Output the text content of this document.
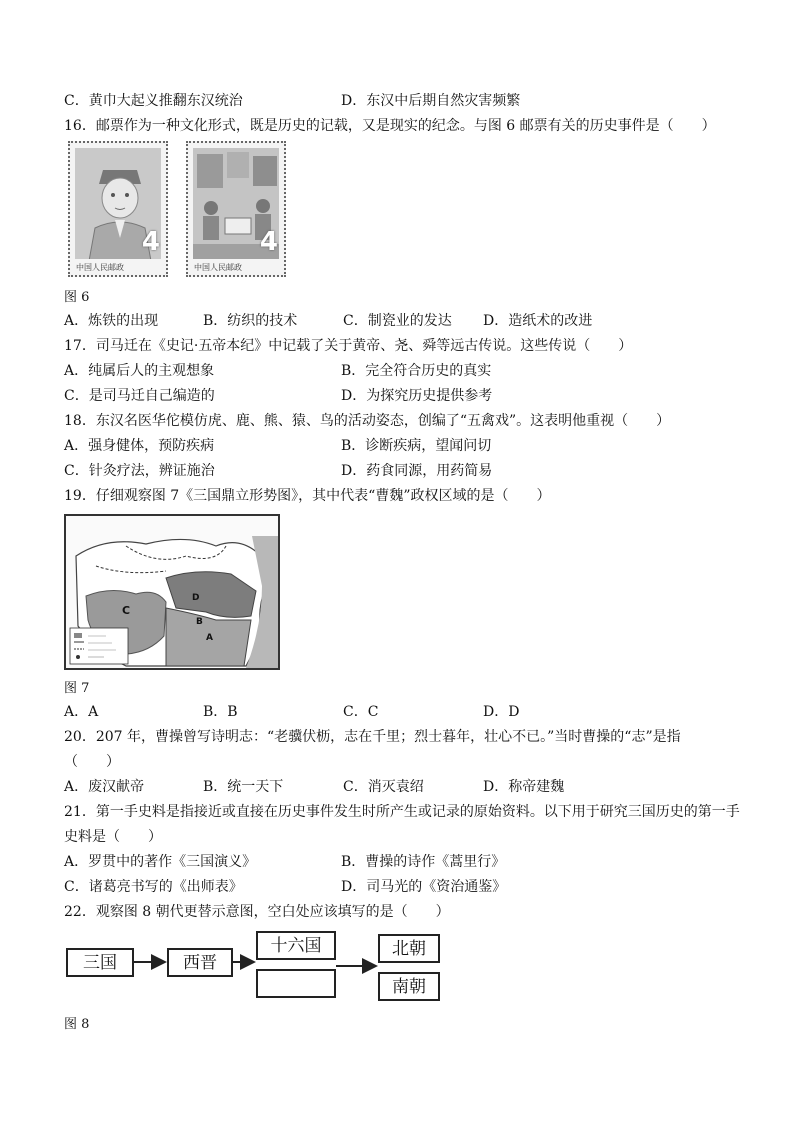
C．黄巾大起义推翻东汉统治	D．东汉中后期自然灾害频繁
16．邮票作为一种文化形式，既是历史的记载，又是现实的纪念。与图 6 邮票有关的历史事件是（　　）
4
中国人民邮政
4
中国人民邮政
图 6
A．炼铁的出现	B．纺织的技术	C．制瓷业的发达 D．造纸术的改进
17．司马迁在《史记·五帝本纪》中记载了关于黄帝、尧、舜等远古传说。这些传说（　　）
A．纯属后人的主观想象	B．完全符合历史的真实
C．是司马迁自己编造的	D．为探究历史提供参考
18．东汉名医华佗模仿虎、鹿、熊、猿、鸟的活动姿态，创编了“五禽戏”。这表明他重视（　　）
A．强身健体，预防疾病	B．诊断疾病，望闻问切
C．针灸疗法，辨证施治	D．药食同源，用药简易
19．仔细观察图 7《三国鼎立形势图》，其中代表“曹魏”政权区域的是（　　）
C
D
B
A
图 7
A．A	B．B	C．C	D．D
20．207 年，曹操曾写诗明志：“老骥伏枥，志在千里；烈士暮年，壮心不已。”当时曹操的“志”是指
（　　）
A．废汉献帝	B．统一天下	C．消灭袁绍	D．称帝建魏
21．第一手史料是指接近或直接在历史事件发生时所产生或记录的原始资料。以下用于研究三国历史的第一手
史料是（　　）
A．罗贯中的著作《三国演义》	B．曹操的诗作《蒿里行》
C．诸葛亮书写的《出师表》	D．司马光的《资治通鉴》
22．观察图 8 朝代更替示意图，空白处应该填写的是（　　）
三国	西晋
十六国	北朝
南朝
图 8
